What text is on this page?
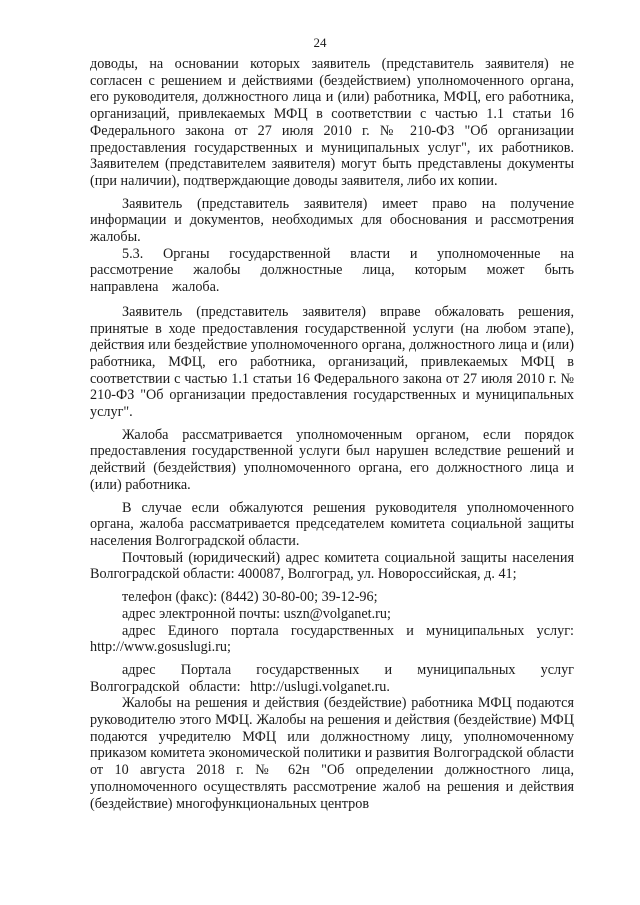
24

доводы, на основании которых заявитель (представитель заявителя) не согласен с решением и действиями (бездействием) уполномоченного органа, его руководителя, должностного лица и (или) работника, МФЦ, его работника, организаций, привлекаемых МФЦ в соответствии с частью 1.1 статьи 16 Федерального закона от 27 июля 2010 г. № 210-ФЗ "Об организации предоставления государственных и муниципальных услуг", их работников. Заявителем (представителем заявителя) могут быть представлены документы (при наличии), подтверждающие доводы заявителя, либо их копии.

Заявитель (представитель заявителя) имеет право на получение информации и документов, необходимых для обоснования и рассмотрения жалобы.

5.3. Органы государственной власти и уполномоченные на рассмотрение жалобы должностные лица, которым может быть направлена жалоба.

Заявитель (представитель заявителя) вправе обжаловать решения, принятые в ходе предоставления государственной услуги (на любом этапе), действия или бездействие уполномоченного органа, должностного лица и (или) работника, МФЦ, его работника, организаций, привлекаемых МФЦ в соответствии с частью 1.1 статьи 16 Федерального закона от 27 июля 2010 г. № 210-ФЗ "Об организации предоставления государственных и муниципальных услуг".

Жалоба рассматривается уполномоченным органом, если порядок предоставления государственной услуги был нарушен вследствие решений и действий (бездействия) уполномоченного органа, его должностного лица и (или) работника.

В случае если обжалуются решения руководителя уполномоченного органа, жалоба рассматривается председателем комитета социальной защиты населения Волгоградской области.

Почтовый (юридический) адрес комитета социальной защиты населения Волгоградской области: 400087, Волгоград, ул. Новороссийская, д. 41;

телефон (факс): (8442) 30-80-00; 39-12-96;

адрес электронной почты: uszn@volganet.ru;

адрес Единого портала государственных и муниципальных услуг: http://www.gosuslugi.ru;

адрес Портала государственных и муниципальных услуг Волгоградской области: http://uslugi.volganet.ru.

Жалобы на решения и действия (бездействие) работника МФЦ подаются руководителю этого МФЦ. Жалобы на решения и действия (бездействие) МФЦ подаются учредителю МФЦ или должностному лицу, уполномоченному приказом комитета экономической политики и развития Волгоградской области от 10 августа 2018 г. № 62н "Об определении должностного лица, уполномоченного осуществлять рассмотрение жалоб на решения и действия (бездействие) многофункциональных центров
